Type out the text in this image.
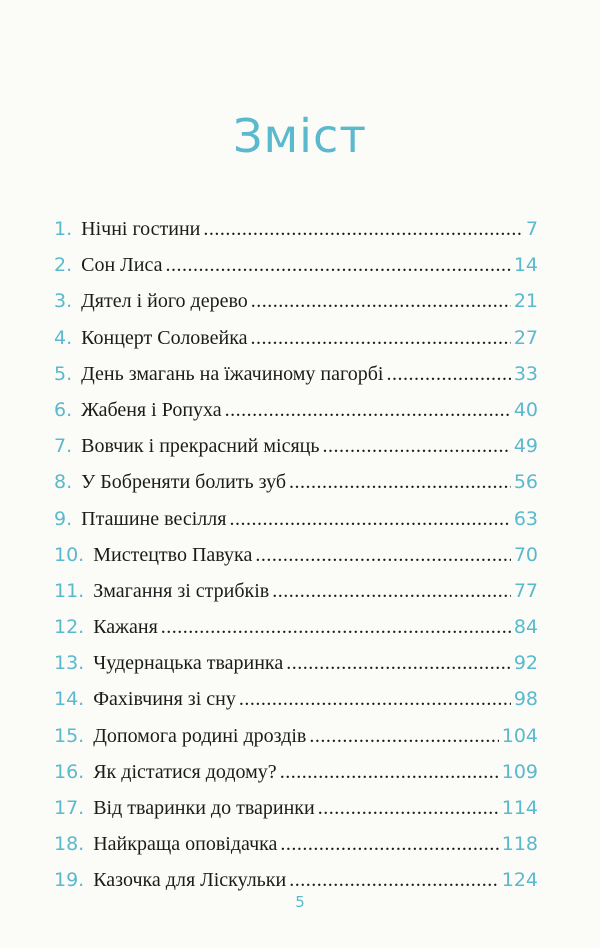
Зміст
1. Нічні гостини .....	7
2. Сон Лиса .....	14
3. Дятел і його дерево .....	21
4. Концерт Соловейка .....	27
5. День змагань на їжачиному пагорбі .....	33
6. Жабеня і Ропуха .....	40
7. Вовчик і прекрасний місяць .....	49
8. У Бобреняти болить зуб .....	56
9. Пташине весілля .....	63
10. Мистецтво Павука .....	70
11. Змагання зі стрибків .....	77
12. Кажаня .....	84
13. Чудернацька тваринка .....	92
14. Фахівчиня зі сну .....	98
15. Допомога родині дроздів .....	104
16. Як дістатися додому? .....	109
17. Від тваринки до тваринки .....	114
18. Найкраща оповідачка .....	118
19. Казочка для Ліскульки .....	124
5
